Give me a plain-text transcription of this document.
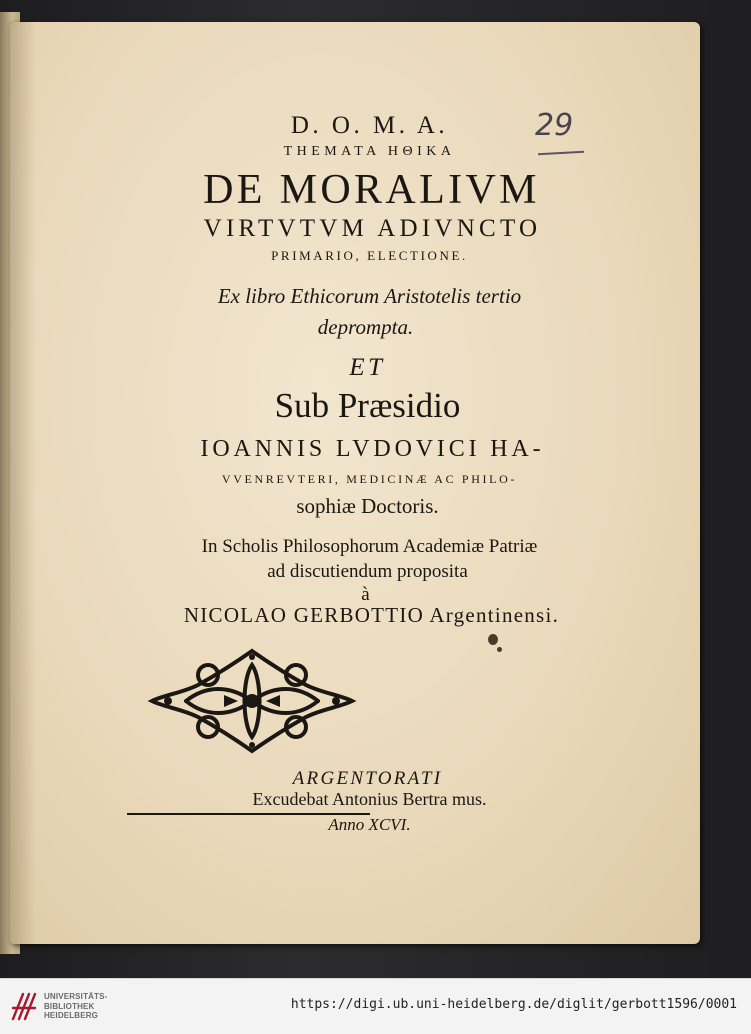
29

D. O. M. A.

THEMATA ΗΘΙΚΑ

DE MORALIVM

VIRTVTVM ADIVNCTO

PRIMARIO, ELECTIONE.

Ex libro Ethicorum Aristotelis tertio

deprompta.

ET

Sub Præsidio

IOANNIS LVDOVICI HA-

VVENREVTERI, MEDICINÆ AC PHILO-

sophiæ Doctoris.

In Scholis Philosophorum Academiæ Patriæ

ad discutiendum proposita

à

NICOLAO GERBOTTIO Argentinensi.

ARGENTORATI

Excudebat Antonius Bertra mus.

Anno XCVI.

UNIVERSITÄTS-
BIBLIOTHEK
HEIDELBERG
https://digi.ub.uni-heidelberg.de/diglit/gerbott1596/0001
